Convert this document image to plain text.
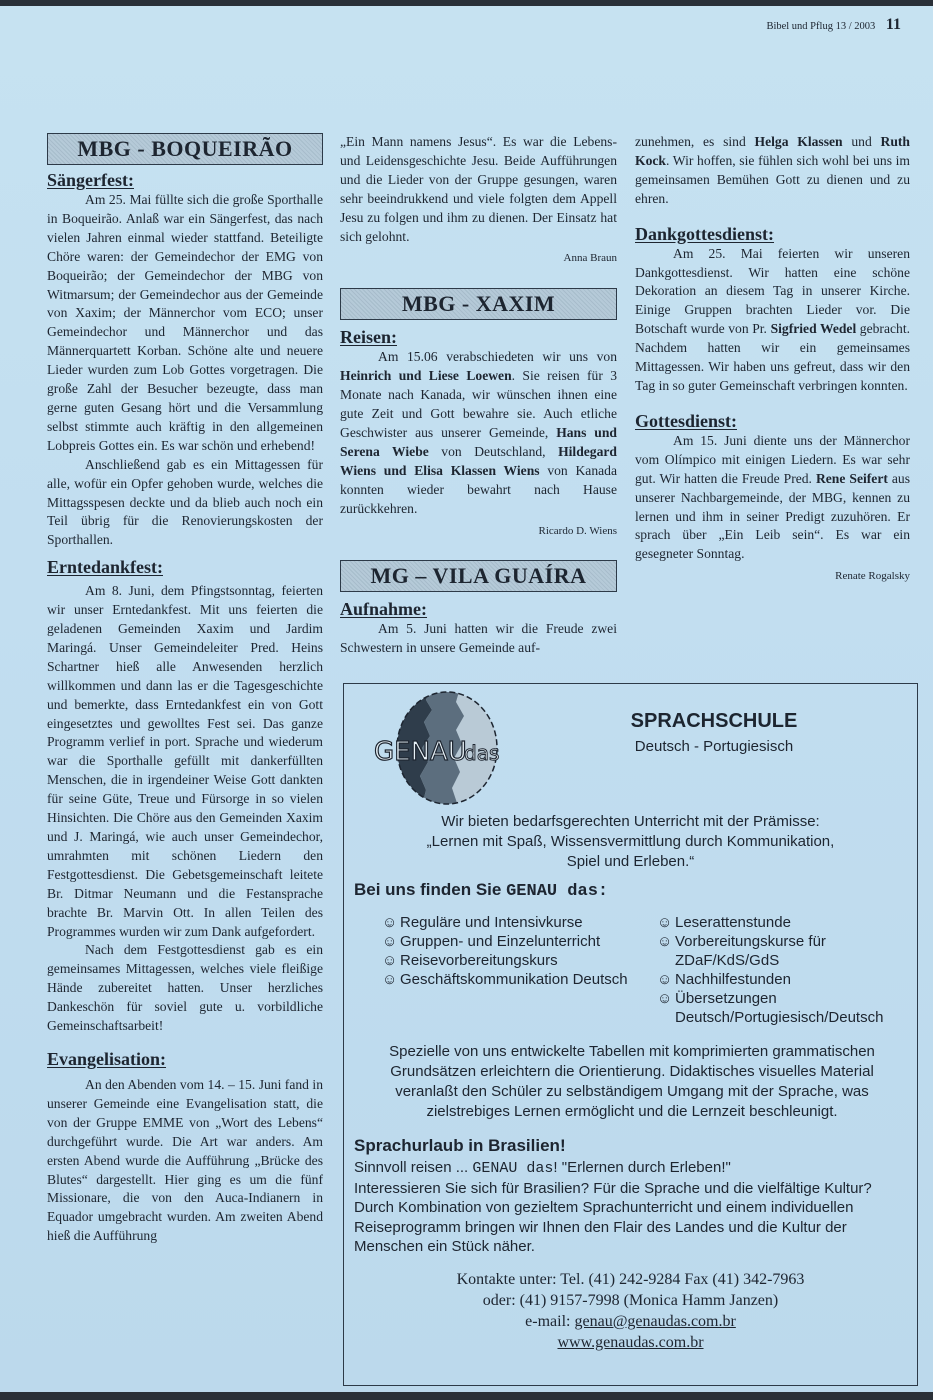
Bibel und Pflug 13 / 2003 11
MBG - BOQUEIRÃO
Sängerfest:

Am 25. Mai füllte sich die große Sporthalle in Boqueirão. Anlaß war ein Sängerfest, das nach vielen Jahren einmal wieder stattfand. Beteiligte Chöre waren: der Gemeindechor der EMG von Boqueirão; der Gemeindechor der MBG von Witmarsum; der Gemeindechor aus der Gemeinde von Xaxim; der Männerchor vom ECO; unser Gemeindechor und Männerchor und das Männerquartett Korban. Schöne alte und neuere Lieder wurden zum Lob Gottes vorgetragen. Die große Zahl der Besucher bezeugte, dass man gerne guten Gesang hört und die Versammlung selbst stimmte auch kräftig in den allgemeinen Lobpreis Gottes ein. Es war schön und erhebend!

Anschließend gab es ein Mittagessen für alle, wofür ein Opfer gehoben wurde, welches die Mittagsspesen deckte und da blieb auch noch ein Teil übrig für die Renovierungskosten der Sporthallen.

Erntedankfest:

Am 8. Juni, dem Pfingstsonntag, feierten wir unser Erntedankfest. Mit uns feierten die geladenen Gemeinden Xaxim und Jardim Maringá. Unser Gemeindeleiter Pred. Heins Schartner hieß alle Anwesenden herzlich willkommen und dann las er die Tagesgeschichte und bemerkte, dass Erntedankfest ein von Gott eingesetztes und gewolltes Fest sei. Das ganze Programm verlief in port. Sprache und wiederum war die Sporthalle gefüllt mit dankerfüllten Menschen, die in irgendeiner Weise Gott dankten für seine Güte, Treue und Fürsorge in so vielen Hinsichten. Die Chöre aus den Gemeinden Xaxim und J. Maringá, wie auch unser Gemeindechor, umrahmten mit schönen Liedern den Festgottesdienst. Die Gebetsgemeinschaft leitete Br. Ditmar Neumann und die Festansprache brachte Br. Marvin Ott. In allen Teilen des Programmes wurden wir zum Dank aufgefordert.

Nach dem Festgottesdienst gab es ein gemeinsames Mittagessen, welches viele fleißige Hände zubereitet hatten. Unser herzliches Dankeschön für soviel gute u. vorbildliche Gemeinschaftsarbeit!

Evangelisation:

An den Abenden vom 14. – 15. Juni fand in unserer Gemeinde eine Evangelisation statt, die von der Gruppe EMME von „Wort des Lebens“ durchgeführt wurde. Die Art war anders. Am ersten Abend wurde die Aufführung „Brücke des Blutes“ dargestellt. Hier ging es um die fünf Missionare, die von den Auca-Indianern in Equador umgebracht wurden. Am zweiten Abend hieß die Aufführung

„Ein Mann namens Jesus“. Es war die Lebens- und Leidensgeschichte Jesu. Beide Aufführungen und die Lieder von der Gruppe gesungen, waren sehr beeindrukkend und viele folgten dem Appell Jesu zu folgen und ihm zu dienen. Der Einsatz hat sich gelohnt.

Anna Braun
MBG - XAXIM
Reisen:

Am 15.06 verabschiedeten wir uns von Heinrich und Liese Loewen. Sie reisen für 3 Monate nach Kanada, wir wünschen ihnen eine gute Zeit und Gott bewahre sie. Auch etliche Geschwister aus unserer Gemeinde, Hans und Serena Wiebe von Deutschland, Hildegard Wiens und Elisa Klassen Wiens von Kanada konnten wieder bewahrt nach Hause zurückkehren.

Ricardo D. Wiens
MG – VILA GUAÍRA
Aufnahme:

Am 5. Juni hatten wir die Freude zwei Schwestern in unsere Gemeinde auf-

zunehmen, es sind Helga Klassen und Ruth Kock. Wir hoffen, sie fühlen sich wohl bei uns im gemeinsamen Bemühen Gott zu dienen und zu ehren.

Dankgottesdienst:

Am 25. Mai feierten wir unseren Dankgottesdienst. Wir hatten eine schöne Dekoration an diesem Tag in unserer Kirche. Einige Gruppen brachten Lieder vor. Die Botschaft wurde von Pr. Sigfried Wedel gebracht. Nachdem hatten wir ein gemeinsames Mittagessen. Wir haben uns gefreut, dass wir den Tag in so guter Gemeinschaft verbringen konnten.

Gottesdienst:

Am 15. Juni diente uns der Männerchor vom Olímpico mit einigen Liedern. Es war sehr gut. Wir hatten die Freude Pred. Rene Seifert aus unserer Nachbargemeinde, der MBG, kennen zu lernen und ihm in seiner Predigt zuzuhören. Er sprach über „Ein Leib sein“. Es war ein gesegneter Sonntag.

Renate Rogalsky
GENAU
das
SPRACHSCHULE
Deutsch - Portugiesisch
Wir bieten bedarfsgerechten Unterricht mit der Prämisse:
„Lernen mit Spaß, Wissensvermittlung durch Kommunikation,
Spiel und Erleben.“
Bei uns finden Sie GENAU das:
☺ Reguläre und Intensivkurse
☺ Gruppen- und Einzelunterricht
☺ Reisevorbereitungskurs
☺ Geschäftskommunikation Deutsch
☺ Leserattenstunde
☺ Vorbereitungskurse für ZDaF/KdS/GdS
☺ Nachhilfestunden
☺ Übersetzungen Deutsch/Portugiesisch/Deutsch
Spezielle von uns entwickelte Tabellen mit komprimierten grammatischen Grundsätzen erleichtern die Orientierung. Didaktisches visuelles Material veranlaßt den Schüler zu selbständigem Umgang mit der Sprache, was zielstrebiges Lernen ermöglicht und die Lernzeit beschleunigt.
Sprachurlaub in Brasilien!
Sinnvoll reisen ... GENAU das! "Erlernen durch Erleben!"
Interessieren Sie sich für Brasilien? Für die Sprache und die vielfältige Kultur? Durch Kombination von gezieltem Sprachunterricht und einem individuellen Reiseprogramm bringen wir Ihnen den Flair des Landes und die Kultur der Menschen ein Stück näher.
Kontakte unter: Tel. (41) 242-9284 Fax (41) 342-7963
oder: (41) 9157-7998 (Monica Hamm Janzen)
e-mail: genau@genaudas.com.br
www.genaudas.com.br
